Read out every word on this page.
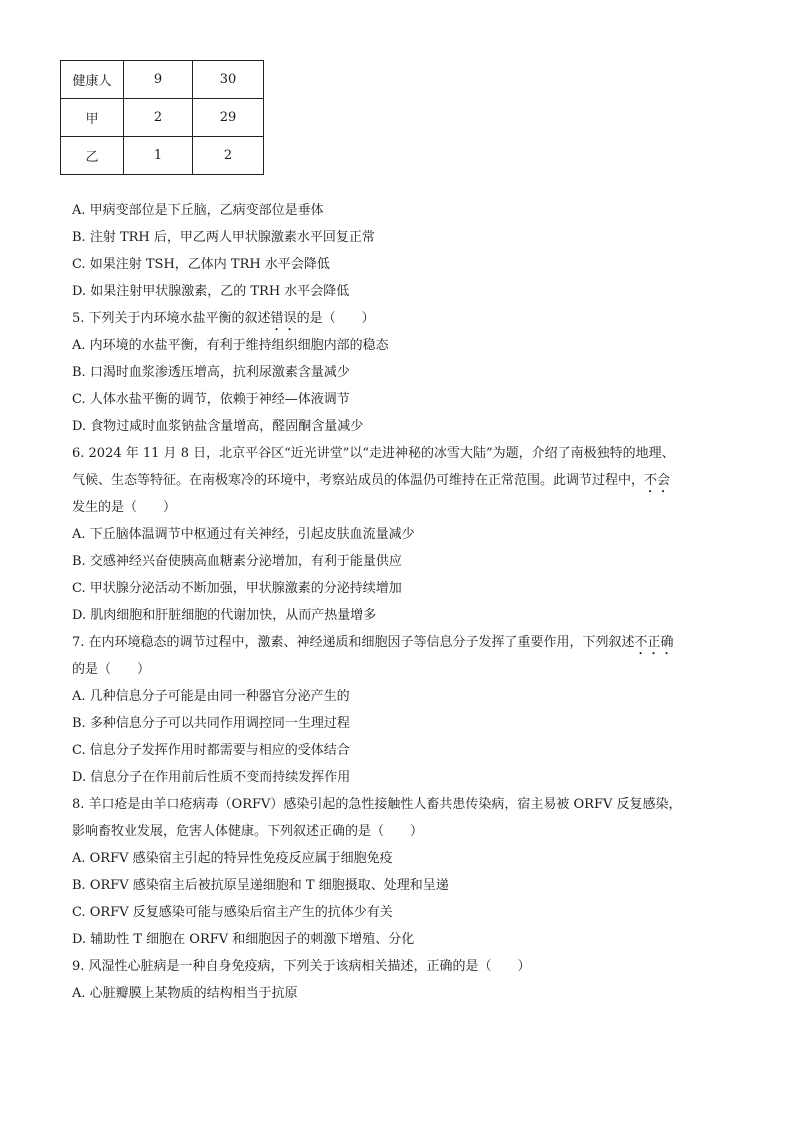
健康人	9	30
甲	2	29
乙	1	2
A. 甲病变部位是下丘脑，乙病变部位是垂体
B. 注射 TRH 后，甲乙两人甲状腺激素水平回复正常
C. 如果注射 TSH，乙体内 TRH 水平会降低
D. 如果注射甲状腺激素，乙的 TRH 水平会降低
5. 下列关于内环境水盐平衡的叙述错误的是（　　）
A. 内环境的水盐平衡，有利于维持组织细胞内部的稳态
B. 口渴时血浆渗透压增高，抗利尿激素含量减少
C. 人体水盐平衡的调节，依赖于神经—体液调节
D. 食物过咸时血浆钠盐含量增高，醛固酮含量减少
6. 2024 年 11 月 8 日，北京平谷区“近光讲堂”以“走进神秘的冰雪大陆”为题，介绍了南极独特的地理、
气候、生态等特征。在南极寒冷的环境中，考察站成员的体温仍可维持在正常范围。此调节过程中，不会
发生的是（　　）
A. 下丘脑体温调节中枢通过有关神经，引起皮肤血流量减少
B. 交感神经兴奋使胰高血糖素分泌增加，有利于能量供应
C. 甲状腺分泌活动不断加强，甲状腺激素的分泌持续增加
D. 肌肉细胞和肝脏细胞的代谢加快，从而产热量增多
7. 在内环境稳态的调节过程中，激素、神经递质和细胞因子等信息分子发挥了重要作用，下列叙述不正确
的是（　　）
A. 几种信息分子可能是由同一种器官分泌产生的
B. 多种信息分子可以共同作用调控同一生理过程
C. 信息分子发挥作用时都需要与相应的受体结合
D. 信息分子在作用前后性质不变而持续发挥作用
8. 羊口疮是由羊口疮病毒（ORFV）感染引起的急性接触性人畜共患传染病，宿主易被 ORFV 反复感染，
影响畜牧业发展，危害人体健康。下列叙述正确的是（　　）
A. ORFV 感染宿主引起的特异性免疫反应属于细胞免疫
B. ORFV 感染宿主后被抗原呈递细胞和 T 细胞摄取、处理和呈递
C. ORFV 反复感染可能与感染后宿主产生的抗体少有关
D. 辅助性 T 细胞在 ORFV 和细胞因子的刺激下增殖、分化
9. 风湿性心脏病是一种自身免疫病，下列关于该病相关描述，正确的是（　　）
A. 心脏瓣膜上某物质的结构相当于抗原
